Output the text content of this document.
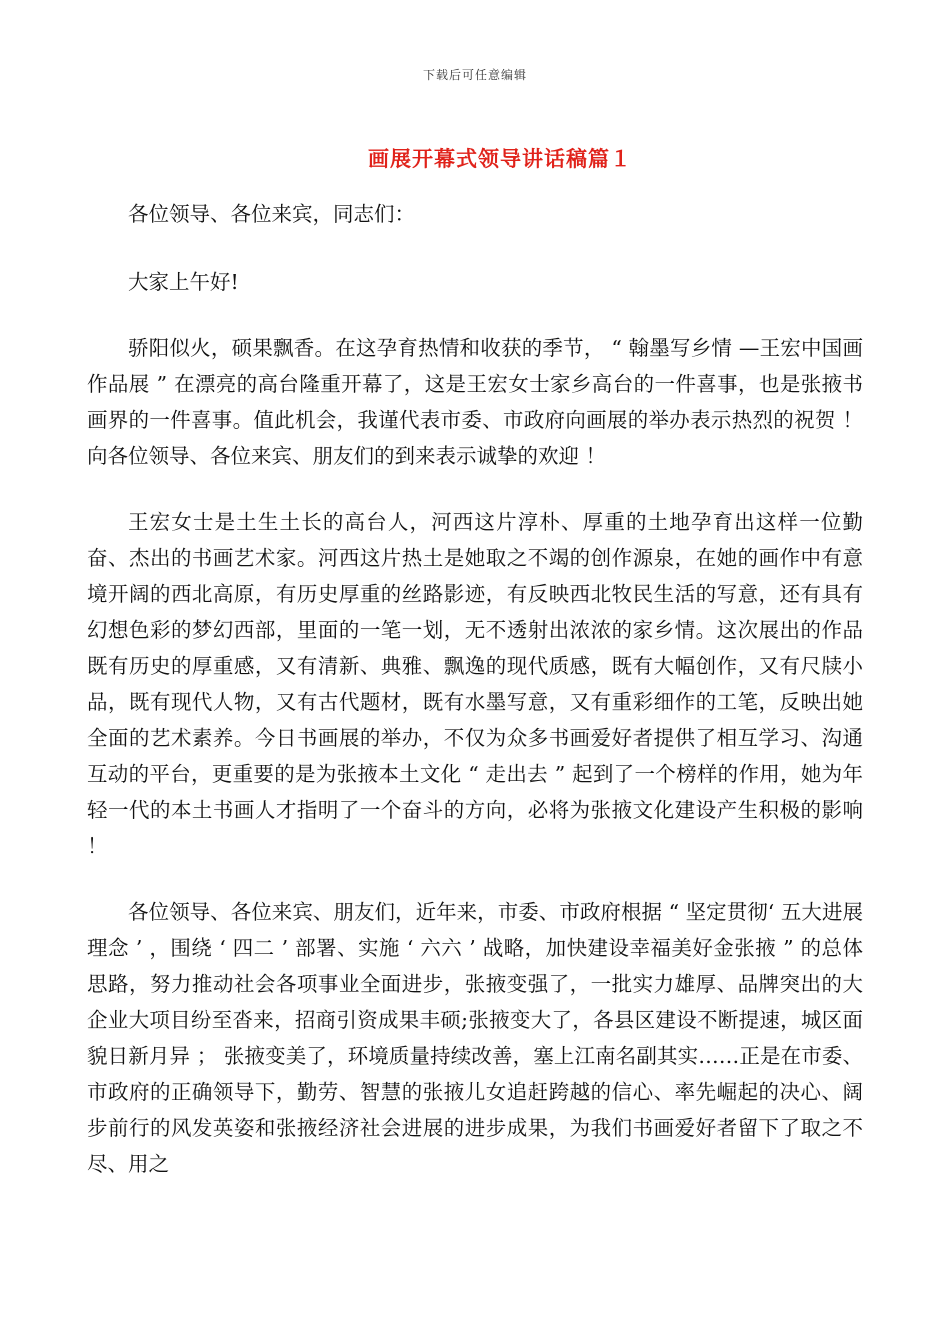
下载后可任意编辑
画展开幕式领导讲话稿篇１

各位领导、各位来宾，同志们：

大家上午好!

骄阳似火，硕果飘香。在这孕育热情和收获的季节， “ 翰墨写乡情 —王宏中国画作品展 ” 在漂亮的高台隆重开幕了，这是王宏女士家乡高台的一件喜事，也是张掖书画界的一件喜事。值此机会，我谨代表市委、市政府向画展的举办表示热烈的祝贺 ！ 向各位领导、各位来宾、朋友们的到来表示诚挚的欢迎 ！

王宏女士是土生土长的高台人，河西这片淳朴、厚重的土地孕育出这样一位勤奋、杰出的书画艺术家。河西这片热土是她取之不竭的创作源泉，在她的画作中有意境开阔的西北高原，有历史厚重的丝路影迹，有反映西北牧民生活的写意，还有具有幻想色彩的梦幻西部，里面的一笔一划，无不透射出浓浓的家乡情。这次展出的作品既有历史的厚重感，又有清新、典雅、飘逸的现代质感，既有大幅创作，又有尺牍小品，既有现代人物，又有古代题材，既有水墨写意，又有重彩细作的工笔，反映出她全面的艺术素养。今日书画展的举办，不仅为众多书画爱好者提供了相互学习、沟通互动的平台，更重要的是为张掖本土文化 “ 走出去 ” 起到了一个榜样的作用，她为年轻一代的本土书画人才指明了一个奋斗的方向，必将为张掖文化建设产生积极的影响 ！

各位领导、各位来宾、朋友们，近年来，市委、市政府根据 “ 坚定贯彻‘ 五大进展理念 ’ ，围绕 ‘ 四二 ’ 部署、实施 ‘ 六六 ’ 战略，加快建设幸福美好金张掖 ” 的总体思路，努力推动社会各项事业全面进步，张掖变强了，一批实力雄厚、品牌突出的大企业大项目纷至沓来，招商引资成果丰硕;张掖变大了，各县区建设不断提速，城区面貌日新月异 ； 张掖变美了，环境质量持续改善，塞上江南名副其实……正是在市委、市政府的正确领导下，勤劳、智慧的张掖儿女追赶跨越的信心、率先崛起的决心、阔步前行的风发英姿和张掖经济社会进展的进步成果，为我们书画爱好者留下了取之不尽、用之
